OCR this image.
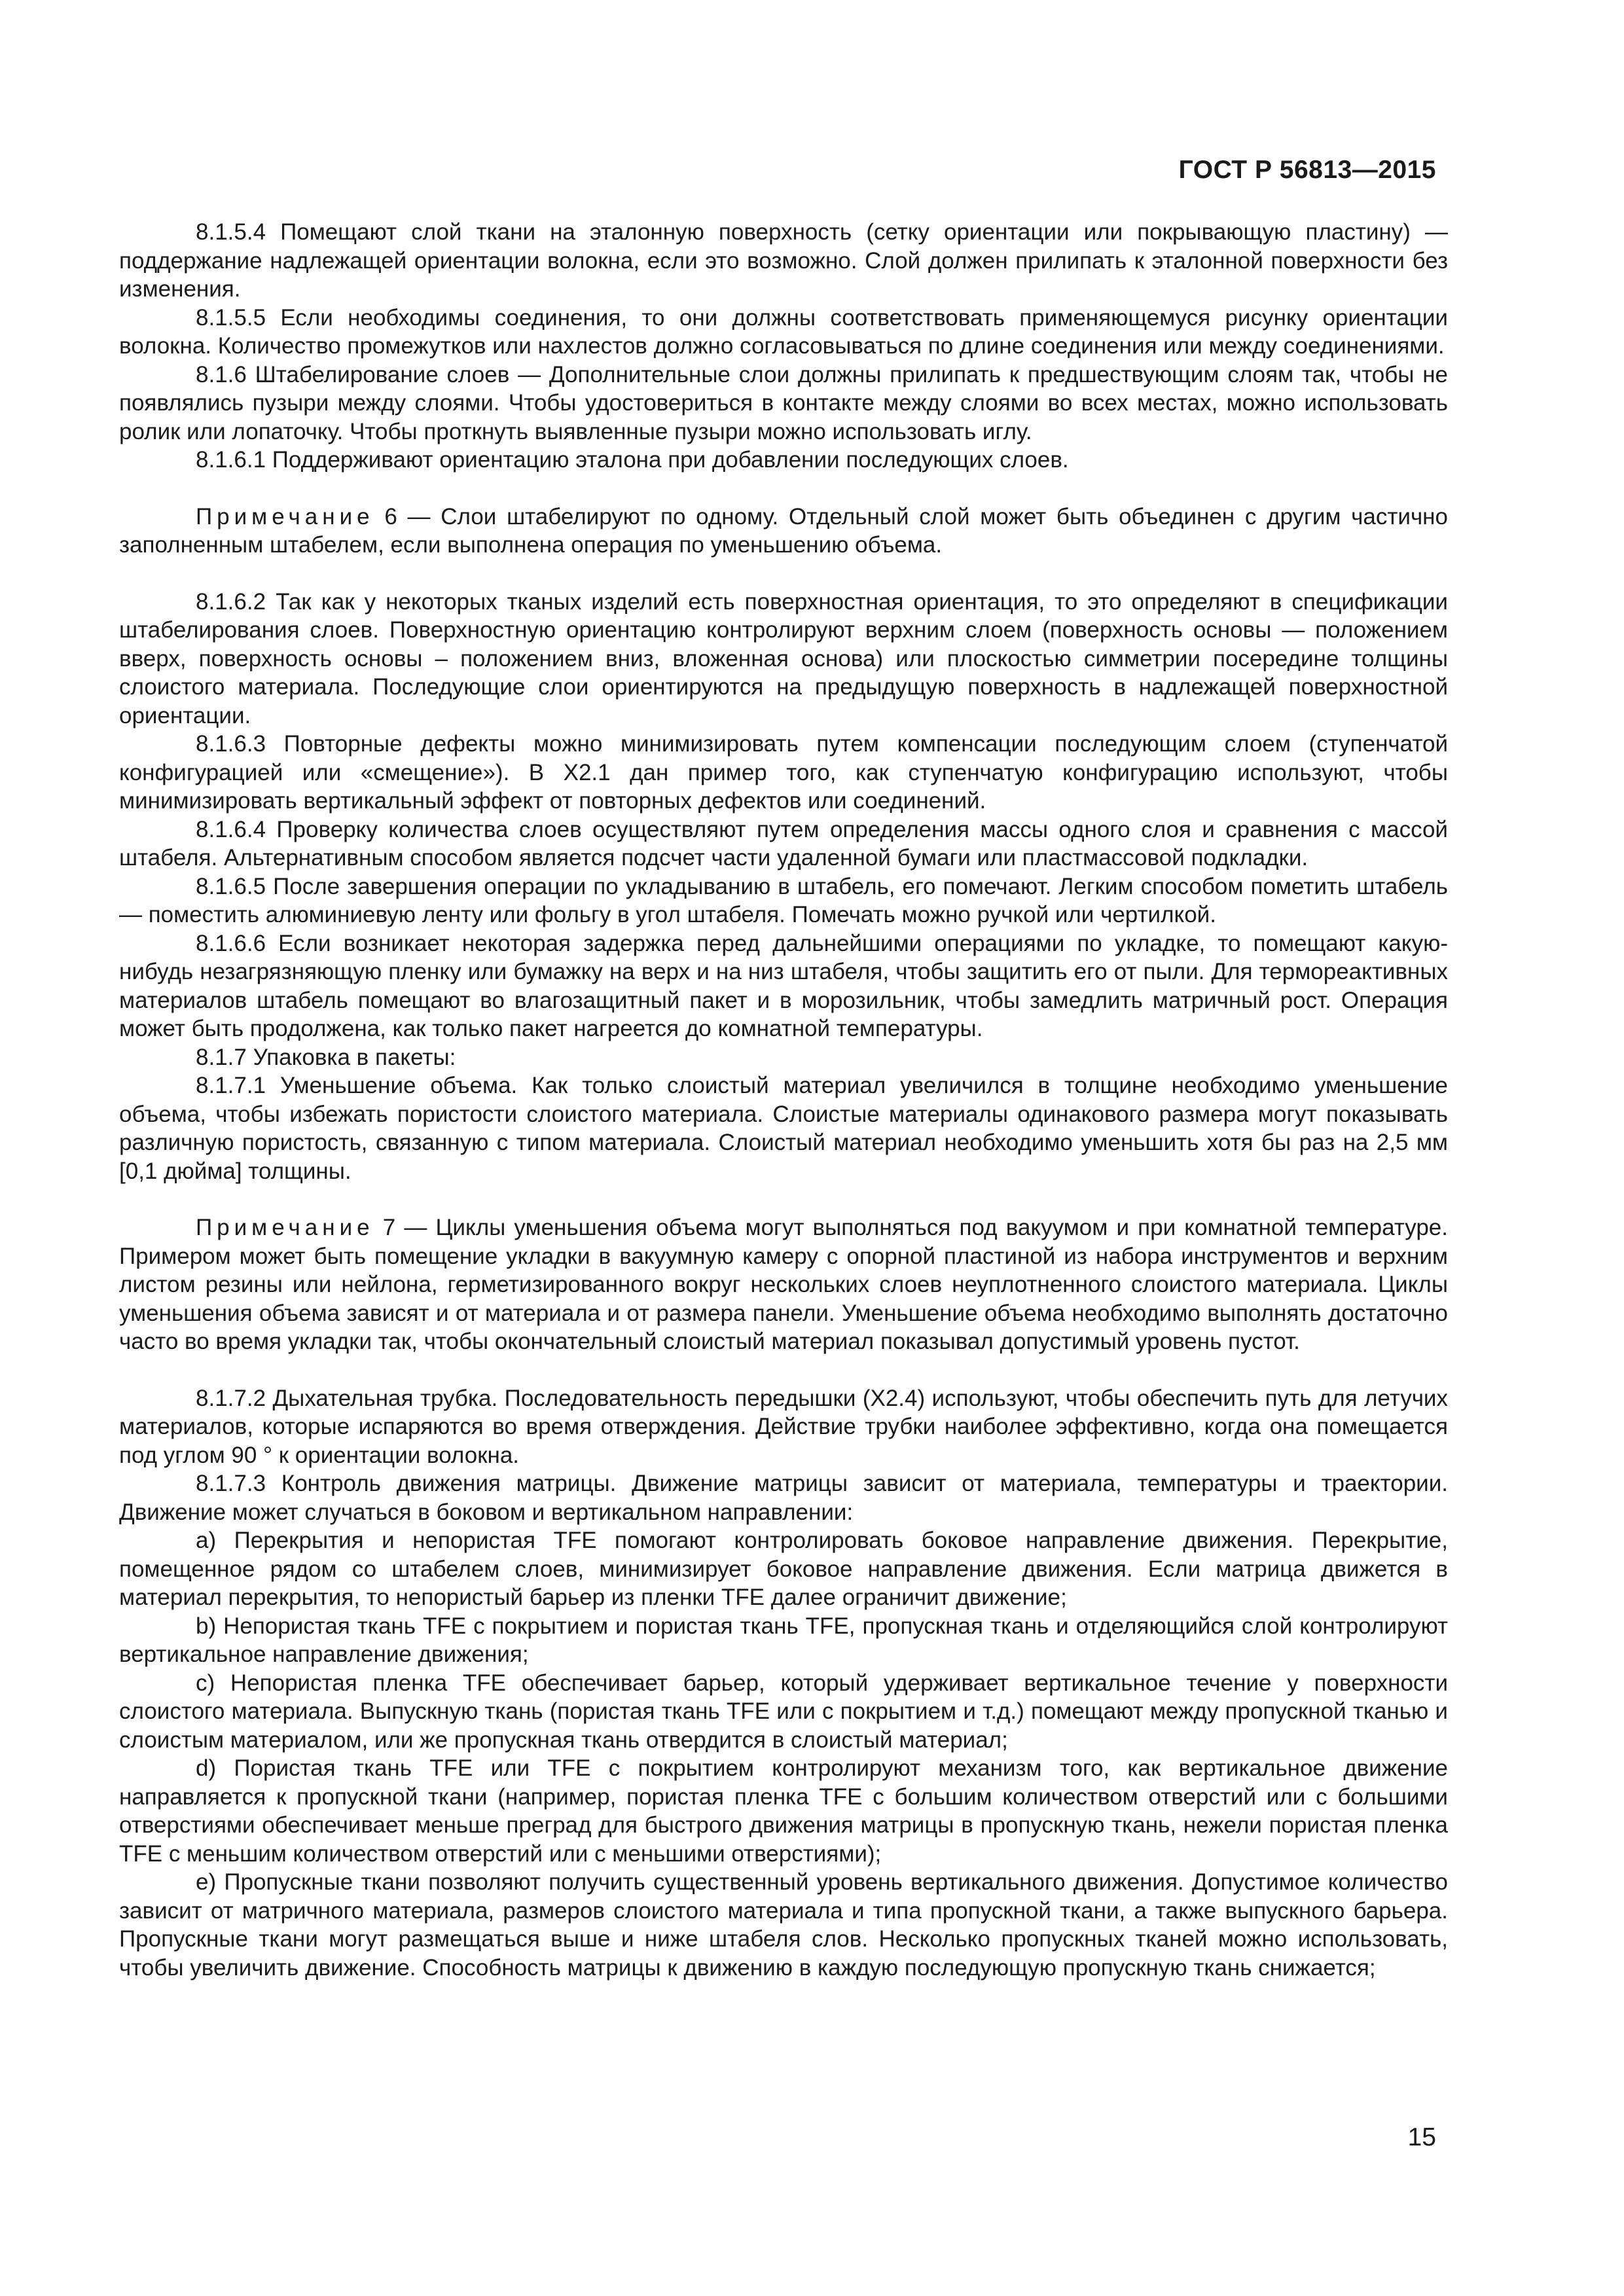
ГОСТ Р 56813—2015

8.1.5.4 Помещают слой ткани на эталонную поверхность (сетку ориентации или покрывающую пластину) — поддержание надлежащей ориентации волокна, если это возможно. Слой должен прилипать к эталонной поверхности без изменения.

8.1.5.5 Если необходимы соединения, то они должны соответствовать применяющемуся рисунку ориентации волокна. Количество промежутков или нахлестов должно согласовываться по длине соединения или между соединениями.

8.1.6 Штабелирование слоев — Дополнительные слои должны прилипать к предшествующим слоям так, чтобы не появлялись пузыри между слоями. Чтобы удостовериться в контакте между слоями во всех местах, можно использовать ролик или лопаточку. Чтобы проткнуть выявленные пузыри можно использовать иглу.

8.1.6.1 Поддерживают ориентацию эталона при добавлении последующих слоев.

Примечание 6 — Слои штабелируют по одному. Отдельный слой может быть объединен с другим частично заполненным штабелем, если выполнена операция по уменьшению объема.

8.1.6.2 Так как у некоторых тканых изделий есть поверхностная ориентация, то это определяют в спецификации штабелирования слоев. Поверхностную ориентацию контролируют верхним слоем (поверхность основы — положением вверх, поверхность основы – положением вниз, вложенная основа) или плоскостью симметрии посередине толщины слоистого материала. Последующие слои ориентируются на предыдущую поверхность в надлежащей поверхностной ориентации.

8.1.6.3 Повторные дефекты можно минимизировать путем компенсации последующим слоем (ступенчатой конфигурацией или «смещение»). В Х2.1 дан пример того, как ступенчатую конфигурацию используют, чтобы минимизировать вертикальный эффект от повторных дефектов или соединений.

8.1.6.4 Проверку количества слоев осуществляют путем определения массы одного слоя и сравнения с массой штабеля. Альтернативным способом является подсчет части удаленной бумаги или пластмассовой подкладки.

8.1.6.5 После завершения операции по укладыванию в штабель, его помечают. Легким способом пометить штабель — поместить алюминиевую ленту или фольгу в угол штабеля. Помечать можно ручкой или чертилкой.

8.1.6.6 Если возникает некоторая задержка перед дальнейшими операциями по укладке, то помещают какую-нибудь незагрязняющую пленку или бумажку на верх и на низ штабеля, чтобы защитить его от пыли. Для термореактивных материалов штабель помещают во влагозащитный пакет и в морозильник, чтобы замедлить матричный рост. Операция может быть продолжена, как только пакет нагреется до комнатной температуры.

8.1.7 Упаковка в пакеты:

8.1.7.1 Уменьшение объема. Как только слоистый материал увеличился в толщине необходимо уменьшение объема, чтобы избежать пористости слоистого материала. Слоистые материалы одинакового размера могут показывать различную пористость, связанную с типом материала. Слоистый материал необходимо уменьшить хотя бы раз на 2,5 мм [0,1 дюйма] толщины.

Примечание 7 — Циклы уменьшения объема могут выполняться под вакуумом и при комнатной температуре. Примером может быть помещение укладки в вакуумную камеру с опорной пластиной из набора инструментов и верхним листом резины или нейлона, герметизированного вокруг нескольких слоев неуплотненного слоистого материала. Циклы уменьшения объема зависят и от материала и от размера панели. Уменьшение объема необходимо выполнять достаточно часто во время укладки так, чтобы окончательный слоистый материал показывал допустимый уровень пустот.

8.1.7.2 Дыхательная трубка. Последовательность передышки (Х2.4) используют, чтобы обеспечить путь для летучих материалов, которые испаряются во время отверждения. Действие трубки наиболее эффективно, когда она помещается под углом 90 ° к ориентации волокна.

8.1.7.3 Контроль движения матрицы. Движение матрицы зависит от материала, температуры и траектории. Движение может случаться в боковом и вертикальном направлении:

а) Перекрытия и непористая TFE помогают контролировать боковое направление движения. Перекрытие, помещенное рядом со штабелем слоев, минимизирует боковое направление движения. Если матрица движется в материал перекрытия, то непористый барьер из пленки TFE далее ограничит движение;

b) Непористая ткань TFE с покрытием и пористая ткань TFE, пропускная ткань и отделяющийся слой контролируют вертикальное направление движения;

с) Непористая пленка TFE обеспечивает барьер, который удерживает вертикальное течение у поверхности слоистого материала. Выпускную ткань (пористая ткань TFE или с покрытием и т.д.) помещают между пропускной тканью и слоистым материалом, или же пропускная ткань отвердится в слоистый материал;

d) Пористая ткань TFE или TFE с покрытием контролируют механизм того, как вертикальное движение направляется к пропускной ткани (например, пористая пленка TFE с большим количеством отверстий или с большими отверстиями обеспечивает меньше преград для быстрого движения матрицы в пропускную ткань, нежели пористая пленка TFE с меньшим количеством отверстий или с меньшими отверстиями);

е) Пропускные ткани позволяют получить существенный уровень вертикального движения. Допустимое количество зависит от матричного материала, размеров слоистого материала и типа пропускной ткани, а также выпускного барьера. Пропускные ткани могут размещаться выше и ниже штабеля слов. Несколько пропускных тканей можно использовать, чтобы увеличить движение. Способность матрицы к движению в каждую последующую пропускную ткань снижается;

15
